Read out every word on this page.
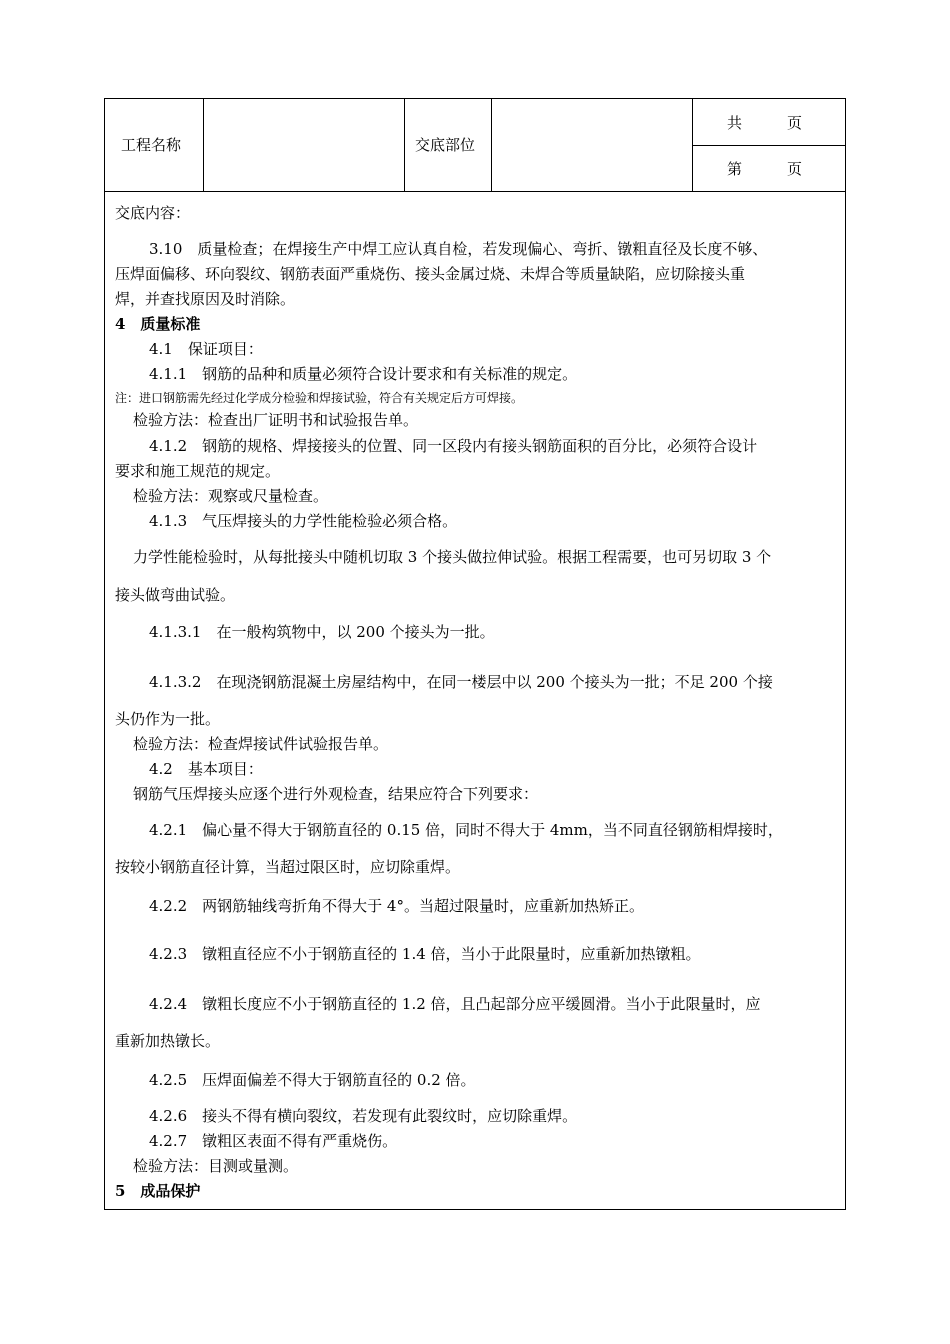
工程名称	交底部位
共　　　页
第　　　页
交底内容：
3.10　质量检查；在焊接生产中焊工应认真自检，若发现偏心、弯折、镦粗直径及长度不够、
压焊面偏移、环向裂纹、钢筋表面严重烧伤、接头金属过烧、未焊合等质量缺陷，应切除接头重
焊，并查找原因及时消除。
4　质量标准
4.1　保证项目：
4.1.1　钢筋的品种和质量必须符合设计要求和有关标准的规定。
注：进口钢筋需先经过化学成分检验和焊接试验，符合有关规定后方可焊接。
检验方法：检查出厂证明书和试验报告单。
4.1.2　钢筋的规格、焊接接头的位置、同一区段内有接头钢筋面积的百分比，必须符合设计
要求和施工规范的规定。
检验方法：观察或尺量检查。
4.1.3　气压焊接头的力学性能检验必须合格。
力学性能检验时，从每批接头中随机切取 3 个接头做拉伸试验。根据工程需要，也可另切取 3 个
接头做弯曲试验。
4.1.3.1　在一般构筑物中，以 200 个接头为一批。
4.1.3.2　在现浇钢筋混凝土房屋结构中，在同一楼层中以 200 个接头为一批；不足 200 个接
头仍作为一批。
检验方法：检查焊接试件试验报告单。
4.2　基本项目：
钢筋气压焊接头应逐个进行外观检查，结果应符合下列要求：
4.2.1　偏心量不得大于钢筋直径的 0.15 倍，同时不得大于 4mm，当不同直径钢筋相焊接时，
按较小钢筋直径计算，当超过限区时，应切除重焊。
4.2.2　两钢筋轴线弯折角不得大于 4°。当超过限量时，应重新加热矫正。
4.2.3　镦粗直径应不小于钢筋直径的 1.4 倍，当小于此限量时，应重新加热镦粗。
4.2.4　镦粗长度应不小于钢筋直径的 1.2 倍，且凸起部分应平缓圆滑。当小于此限量时，应
重新加热镦长。
4.2.5　压焊面偏差不得大于钢筋直径的 0.2 倍。
4.2.6　接头不得有横向裂纹，若发现有此裂纹时，应切除重焊。
4.2.7　镦粗区表面不得有严重烧伤。
检验方法：目测或量测。
5　成品保护
